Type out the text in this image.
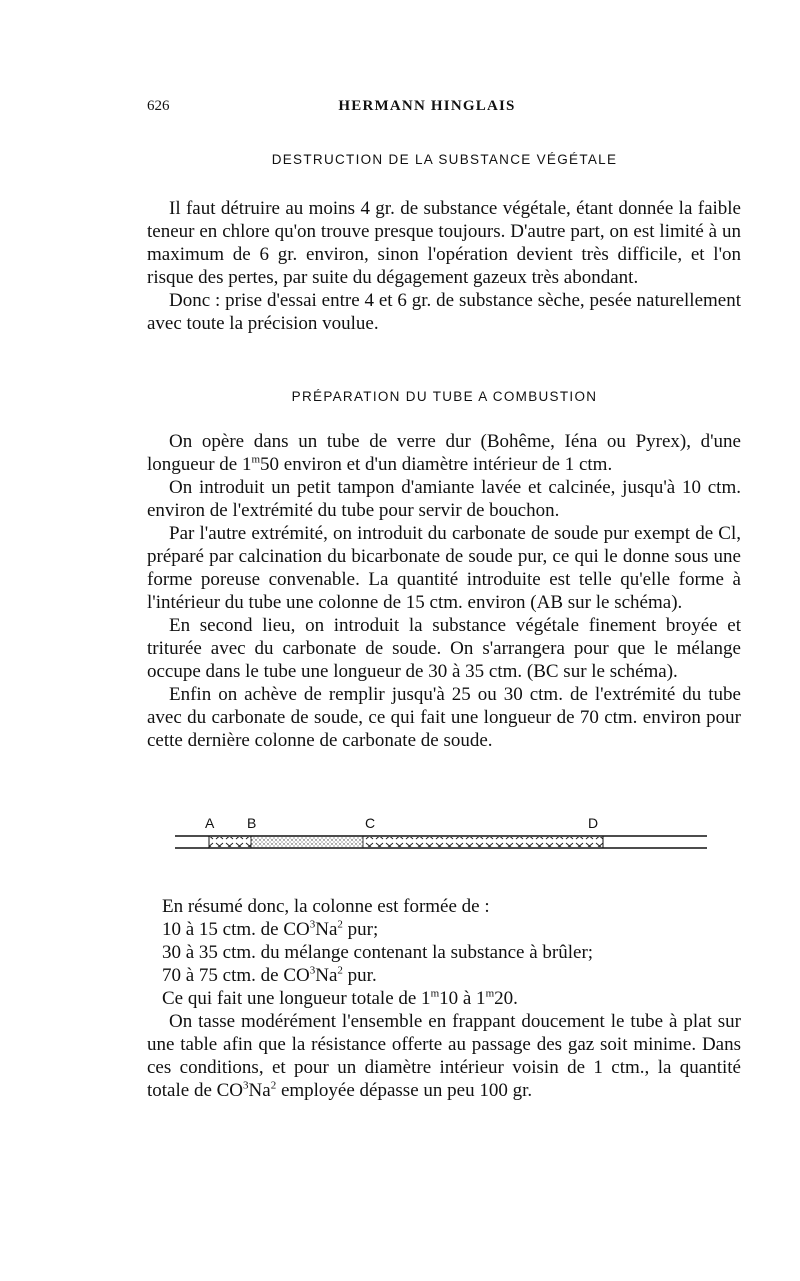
626	HERMANN HINGLAIS
DESTRUCTION DE LA SUBSTANCE VÉGÉTALE

Il faut détruire au moins 4 gr. de substance végétale, étant donnée la faible teneur en chlore qu'on trouve presque toujours. D'autre part, on est limité à un maximum de 6 gr. environ, sinon l'opération devient très difficile, et l'on risque des pertes, par suite du dégagement gazeux très abondant.

Donc : prise d'essai entre 4 et 6 gr. de substance sèche, pesée naturellement avec toute la précision voulue.

PRÉPARATION DU TUBE A COMBUSTION

On opère dans un tube de verre dur (Bohême, Iéna ou Pyrex), d'une longueur de 1$^m$50 environ et d'un diamètre intérieur de 1 ctm.

On introduit un petit tampon d'amiante lavée et calcinée, jusqu'à 10 ctm. environ de l'extrémité du tube pour servir de bouchon.

Par l'autre extrémité, on introduit du carbonate de soude pur exempt de Cl, préparé par calcination du bicarbonate de soude pur, ce qui le donne sous une forme poreuse convenable. La quantité introduite est telle qu'elle forme à l'intérieur du tube une colonne de 15 ctm. environ (AB sur le schéma).

En second lieu, on introduit la substance végétale finement broyée et triturée avec du carbonate de soude. On s'arrangera pour que le mélange occupe dans le tube une longueur de 30 à 35 ctm. (BC sur le schéma).

Enfin on achève de remplir jusqu'à 25 ou 30 ctm. de l'extrémité du tube avec du carbonate de soude, ce qui fait une longueur de 70 ctm. environ pour cette dernière colonne de carbonate de soude.

A B	C	D
En résumé donc, la colonne est formée de :
10 à 15 ctm. de $CO^3Na^2$ pur;
30 à 35 ctm. du mélange contenant la substance à brûler;
70 à 75 ctm. de $CO^3Na^2$ pur.
Ce qui fait une longueur totale de 1$^m$10 à 1$^m$20.

On tasse modérément l'ensemble en frappant doucement le tube à plat sur une table afin que la résistance offerte au passage des gaz soit minime. Dans ces conditions, et pour un diamètre intérieur voisin de 1 ctm., la quantité totale de $CO^3Na^2$ employée dépasse un peu 100 gr.
